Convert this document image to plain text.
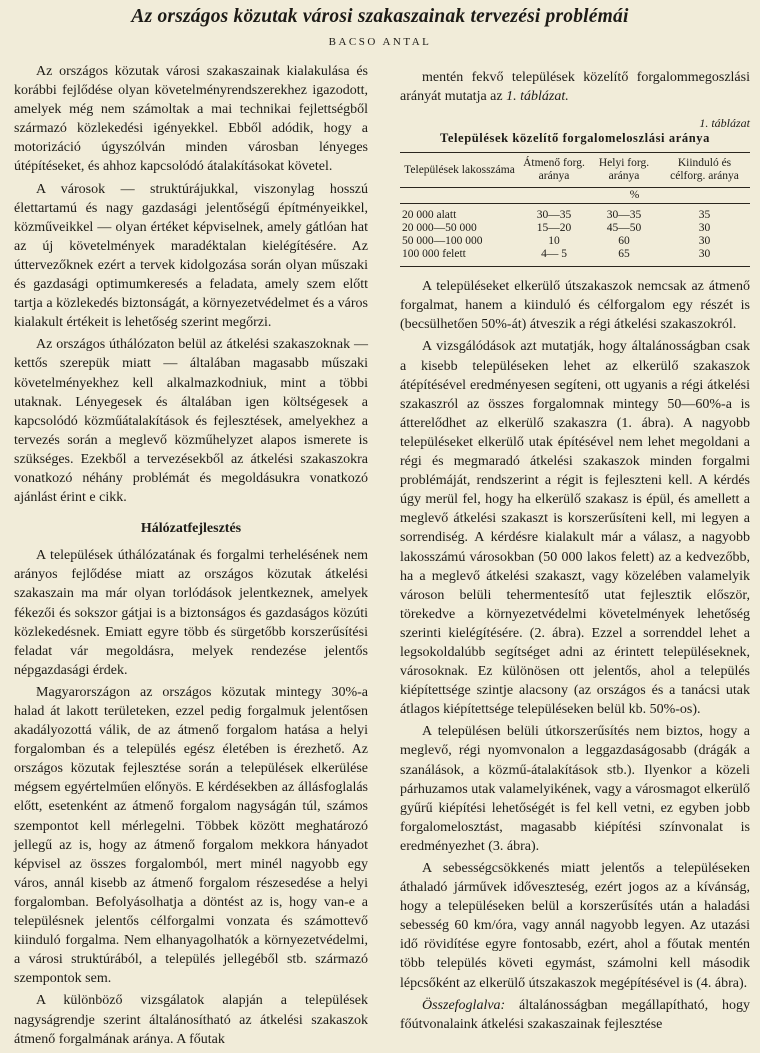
Az országos közutak városi szakaszainak tervezési problémái
BACSO ANTAL

Az országos közutak városi szakaszainak kialakulása és korábbi fejlődése olyan követelményrendszerekhez igazodott, amelyek még nem számoltak a mai technikai fejlettségből származó közlekedési igényekkel. Ebből adódik, hogy a motorizáció úgyszólván minden városban lényeges útépítéseket, és ahhoz kapcsolódó átalakításokat követel.

A városok — struktúrájukkal, viszonylag hosszú élettartamú és nagy gazdasági jelentőségű építményeikkel, közműveikkel — olyan értéket képviselnek, amely gátlóan hat az új követelmények maradéktalan kielégítésére. Az úttervezőknek ezért a tervek kidolgozása során olyan műszaki és gazdasági optimumkeresés a feladata, amely szem előtt tartja a közlekedés biztonságát, a környezetvédelmet és a város kialakult értékeit is lehetőség szerint megőrzi.

Az országos úthálózaton belül az átkelési szakaszoknak — kettős szerepük miatt — általában magasabb műszaki követelményekhez kell alkalmazkodniuk, mint a többi utaknak. Lényegesek és általában igen költségesek a kapcsolódó közműátalakítások és fejlesztések, amelyekhez a tervezés során a meglevő közműhelyzet alapos ismerete is szükséges. Ezekből a tervezésekből az átkelési szakaszokra vonatkozó néhány problémát és megoldásukra vonatkozó ajánlást érint e cikk.

Hálózatfejlesztés

A települések úthálózatának és forgalmi terhelésének nem arányos fejlődése miatt az országos közutak átkelési szakaszain ma már olyan torlódások jelentkeznek, amelyek fékezői és sokszor gátjai is a biztonságos és gazdaságos közúti közlekedésnek. Emiatt egyre több és sürgetőbb korszerűsítési feladat vár megoldásra, melyek rendezése jelentős népgazdasági érdek.

Magyarországon az országos közutak mintegy 30%-a halad át lakott területeken, ezzel pedig forgalmuk jelentősen akadályozottá válik, de az átmenő forgalom hatása a helyi forgalomban és a település egész életében is érezhető. Az országos közutak fejlesztése során a települések elkerülése mégsem egyértelműen előnyös. E kérdésekben az állásfoglalás előtt, esetenként az átmenő forgalom nagyságán túl, számos szempontot kell mérlegelni. Többek között meghatározó jellegű az is, hogy az átmenő forgalom mekkora hányadot képvisel az összes forgalomból, mert minél nagyobb egy város, annál kisebb az átmenő forgalom részesedése a helyi forgalomban. Befolyásolhatja a döntést az is, hogy van-e a településnek jelentős célforgalmi vonzata és számottevő kiinduló forgalma. Nem elhanyagolhatók a környezetvédelmi, a városi struktúrából, a település jellegéből stb. származó szempontok sem.

A különböző vizsgálatok alapján a települések nagyságrendje szerint általánosítható az átkelési szakaszok átmenő forgalmának aránya. A főutak

mentén fekvő települések közelítő forgalommegoszlási arányát mutatja az 1. táblázat.

1. táblázat
Települések közelítő forgalomeloszlási aránya
Települések lakosszáma	Átmenő forg. aránya	Helyi forg. aránya	Kiinduló és célforg. aránya
	%		
20 000 alatt	30—35	30—35	35
20 000—50 000	15—20	45—50	30
50 000—100 000	10	60	30
100 000 felett	4— 5	65	30

A településeket elkerülő útszakaszok nemcsak az átmenő forgalmat, hanem a kiinduló és célforgalom egy részét is (becsülhetően 50%-át) átveszik a régi átkelési szakaszokról.

A vizsgálódások azt mutatják, hogy általánosságban csak a kisebb településeken lehet az elkerülő szakaszok átépítésével eredményesen segíteni, ott ugyanis a régi átkelési szakaszról az összes forgalomnak mintegy 50—60%-a is átterelődhet az elkerülő szakaszra (1. ábra). A nagyobb településeket elkerülő utak építésével nem lehet megoldani a régi és megmaradó átkelési szakaszok minden forgalmi problémáját, rendszerint a régit is fejleszteni kell. A kérdés úgy merül fel, hogy ha elkerülő szakasz is épül, és amellett a meglevő átkelési szakaszt is korszerűsíteni kell, mi legyen a sorrendiség. A kérdésre kialakult már a válasz, a nagyobb lakosszámú városokban (50 000 lakos felett) az a kedvezőbb, ha a meglevő átkelési szakaszt, vagy közelében valamelyik városon belüli tehermentesítő utat fejlesztik először, törekedve a környezetvédelmi követelmények lehetőség szerinti kielégítésére. (2. ábra). Ezzel a sorrenddel lehet a legsokoldalúbb segítséget adni az érintett településeknek, városoknak. Ez különösen ott jelentős, ahol a település kiépítettsége szintje alacsony (az országos és a tanácsi utak átlagos kiépítettsége településeken belül kb. 50%-os).

A településen belüli útkorszerűsítés nem biztos, hogy a meglevő, régi nyomvonalon a leggazdaságosabb (drágák a szanálások, a közmű-átalakítások stb.). Ilyenkor a közeli párhuzamos utak valamelyikének, vagy a városmagot elkerülő gyűrű kiépítési lehetőségét is fel kell vetni, ez egyben jobb forgalomelosztást, magasabb kiépítési színvonalat is eredményezhet (3. ábra).

A sebességcsökkenés miatt jelentős a településeken áthaladó járművek időveszteség, ezért jogos az a kívánság, hogy a településeken belül a korszerűsítés után a haladási sebesség 60 km/óra, vagy annál nagyobb legyen. Az utazási idő rövidítése egyre fontosabb, ezért, ahol a főutak mentén több település követi egymást, számolni kell második lépcsőként az elkerülő útszakaszok megépítésével is (4. ábra).

Összefoglalva: általánosságban megállapítható, hogy főútvonalaink átkelési szakaszainak fejlesztése
